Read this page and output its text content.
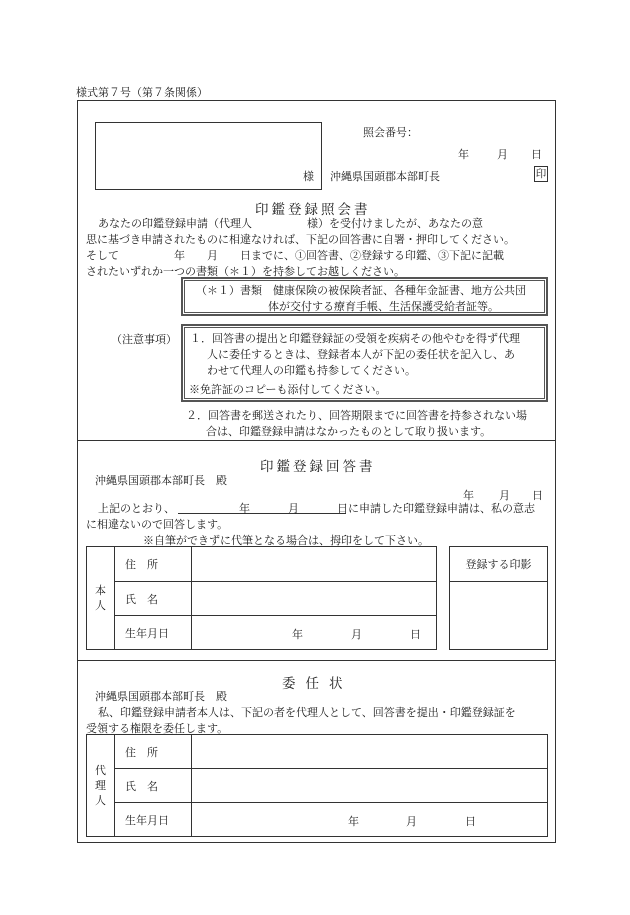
様式第７号（第７条関係）
照会番号：
年	月 日
様 沖縄県国頭郡本部町長	印
印鑑登録照会書
あなたの印鑑登録申請（代理人　　　　　様）を受付けましたが、あなたの意
思に基づき申請されたものに相違なければ、下記の回答書に自署・押印してください。
そして　　　　　年　　月　　日までに、①回答書、②登録する印鑑、③下記に記載
されたいずれか一つの書類（＊１）を持参してお越しください。
（＊１）書類　健康保険の被保険者証、各種年金証書、地方公共団
体が交付する療育手帳、生活保護受給者証等。
（注意事項） １．回答書の提出と印鑑登録証の受領を疾病その他やむを得ず代理
人に委任するときは、登録者本人が下記の委任状を記入し、あ
わせて代理人の印鑑も持参してください。
※免許証のコピーも添付してください。
２．回答書を郵送されたり、回答期限までに回答書を持参されない場
合は、印鑑登録申請はなかったものとして取り扱います。
印鑑登録回答書
沖縄県国頭郡本部町長　殿
年 月 日
上記のとおり、	年	月	日 に申請した印鑑登録申請は、私の意志
に相違ないので回答します。
※自筆ができずに代筆となる場合は、拇印をして下さい。
本人	住　所	
	氏　名	
	生年月日	年 月 日
登録する印影

委任状
沖縄県国頭郡本部町長　殿
私、印鑑登録申請者本人は、下記の者を代理人として、回答書を提出・印鑑登録証を
受領する権限を委任します。
代理人	住　所	
	氏　名	
	生年月日	年 月 日
